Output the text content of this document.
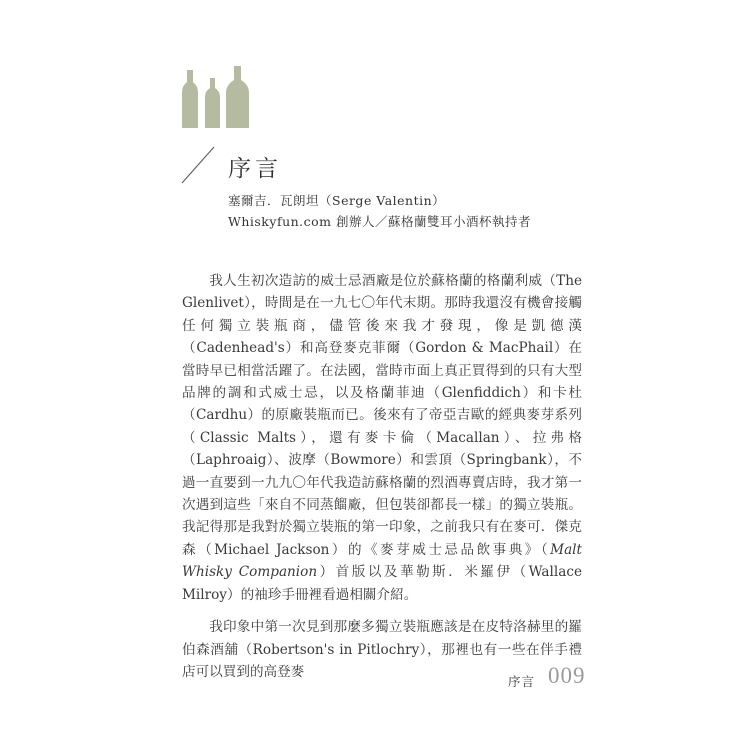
序言
塞爾吉．瓦朗坦（Serge Valentin）
Whiskyfun.com 創辦人／蘇格蘭雙耳小酒杯執持者

我人生初次造訪的威士忌酒廠是位於蘇格蘭的格蘭利威（The Glenlivet），時間是在一九七〇年代末期。那時我還沒有機會接觸任何獨立裝瓶商，儘管後來我才發現，像是凱德漢（Cadenhead's）和高登麥克菲爾（Gordon & MacPhail）在當時早已相當活躍了。在法國，當時市面上真正買得到的只有大型品牌的調和式威士忌，以及格蘭菲迪（Glenfiddich）和卡杜（Cardhu）的原廠裝瓶而已。後來有了帝亞吉歐的經典麥芽系列（Classic Malts），還有麥卡倫（Macallan）、拉弗格（Laphroaig）、波摩（Bowmore）和雲頂（Springbank），不過一直要到一九九〇年代我造訪蘇格蘭的烈酒專賣店時，我才第一次遇到這些「來自不同蒸餾廠，但包裝卻都長一樣」的獨立裝瓶。我記得那是我對於獨立裝瓶的第一印象，之前我只有在麥可．傑克森（Michael Jackson）的《麥芽威士忌品飲事典》（Malt Whisky Companion）首版以及華勒斯．米羅伊（Wallace Milroy）的袖珍手冊裡看過相關介紹。

我印象中第一次見到那麼多獨立裝瓶應該是在皮特洛赫里的羅伯森酒舖（Robertson's in Pitlochry），那裡也有一些在伴手禮店可以買到的高登麥

序言 009
